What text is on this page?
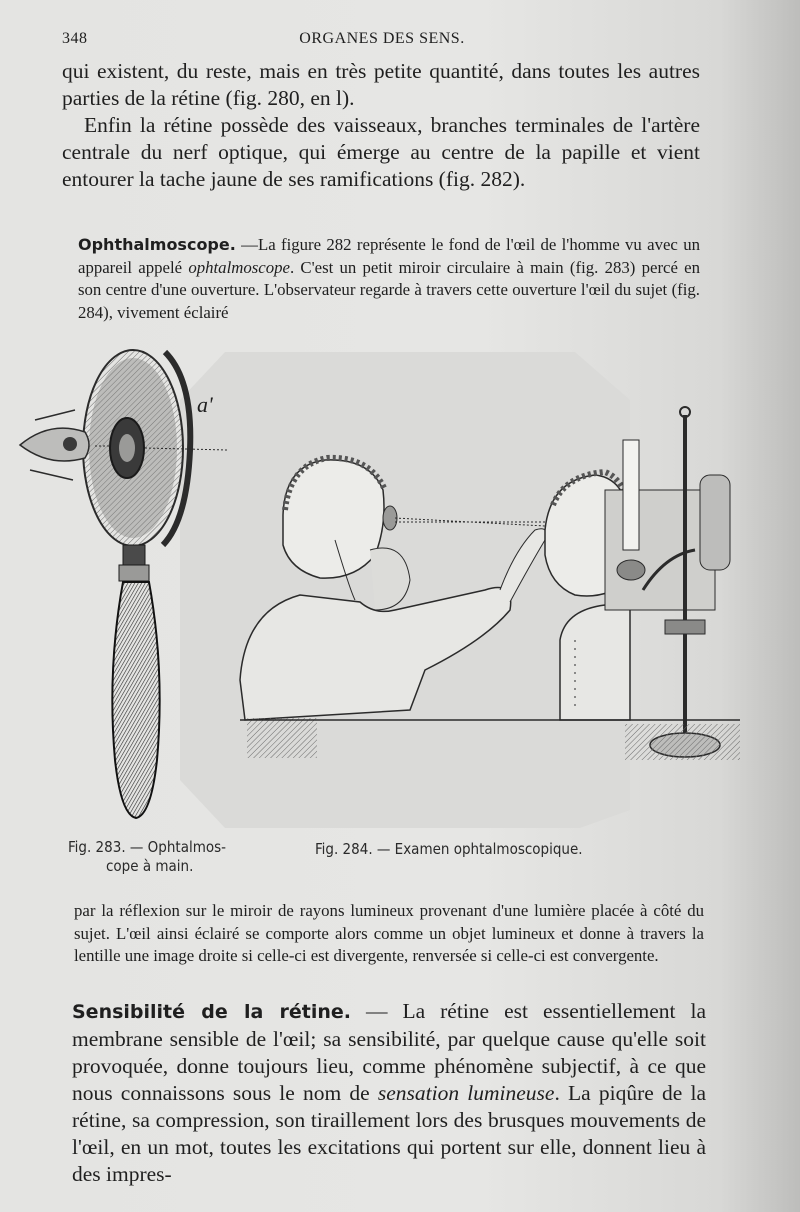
348	ORGANES DES SENS.

qui existent, du reste, mais en très petite quantité, dans toutes les autres parties de la rétine (fig. 280, en l).

Enfin la rétine possède des vaisseaux, branches terminales de l'artère centrale du nerf optique, qui émerge au centre de la papille et vient entourer la tache jaune de ses ramifications (fig. 282).

Ophthalmoscope. —La figure 282 représente le fond de l'œil de l'homme vu avec un appareil appelé ophtalmoscope. C'est un petit miroir circulaire à main (fig. 283) percé en son centre d'une ouverture. L'observateur regarde à travers cette ouverture l'œil du sujet (fig. 284), vivement éclairé

a'
Fig. 283. — Ophtalmos-
cope à main.
Fig. 284. — Examen ophtalmoscopique.

par la réflexion sur le miroir de rayons lumineux provenant d'une lumière placée à côté du sujet. L'œil ainsi éclairé se comporte alors comme un objet lumineux et donne à travers la lentille une image droite si celle-ci est divergente, renversée si celle-ci est convergente.

Sensibilité de la rétine. — La rétine est essentiellement la membrane sensible de l'œil; sa sensibilité, par quelque cause qu'elle soit provoquée, donne toujours lieu, comme phénomène subjectif, à ce que nous connaissons sous le nom de sensation lumineuse. La piqûre de la rétine, sa compression, son tiraillement lors des brusques mouvements de l'œil, en un mot, toutes les excitations qui portent sur elle, donnent lieu à des impres-
